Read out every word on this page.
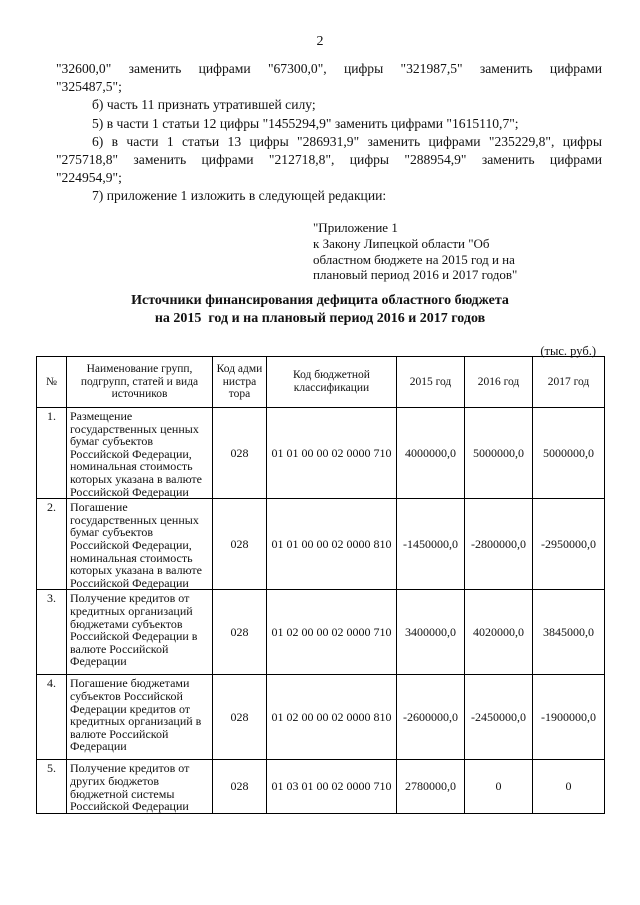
2

"32600,0" заменить цифрами "67300,0", цифры "321987,5" заменить цифрами

"325487,5";

б) часть 11 признать утратившей силу;

5) в части 1 статьи 12 цифры "1455294,9" заменить цифрами "1615110,7";

6) в части 1 статьи 13 цифры "286931,9" заменить цифрами "235229,8", цифры

"275718,8" заменить цифрами "212718,8", цифры "288954,9" заменить цифрами

"224954,9";

7) приложение 1 изложить в следующей редакции:

"Приложение 1
к Закону Липецкой области "Об
областном бюджете на 2015 год и на
плановый период 2016 и 2017 годов"
Источники финансирования дефицита областного бюджета
на 2015  год и на плановый период 2016 и 2017 годов
(тыс. руб.)
№	Наименование групп, подгрупп, статей и вида источников	Код адми нистра тора	Код бюджетной классификации	2015 год	2016 год	2017 год
1.	Размещение государственных ценных бумаг субъектов Российской Федерации, номинальная стоимость которых указана в валюте Российской Федерации	028	01 01 00 00 02 0000 710	4000000,0	5000000,0	5000000,0
2.	Погашение государственных ценных бумаг субъектов Российской Федерации, номинальная стоимость которых указана в валюте Российской Федерации	028	01 01 00 00 02 0000 810	-1450000,0	-2800000,0	-2950000,0
3.	Получение кредитов от кредитных организаций бюджетами субъектов Российской Федерации в валюте Российской Федерации	028	01 02 00 00 02 0000 710	3400000,0	4020000,0	3845000,0
4.	Погашение бюджетами субъектов Российской Федерации кредитов от кредитных организаций в валюте Российской Федерации	028	01 02 00 00 02 0000 810	-2600000,0	-2450000,0	-1900000,0
5.	Получение кредитов от других бюджетов бюджетной системы Российской Федерации	028	01 03 01 00 02 0000 710	2780000,0	0	0
